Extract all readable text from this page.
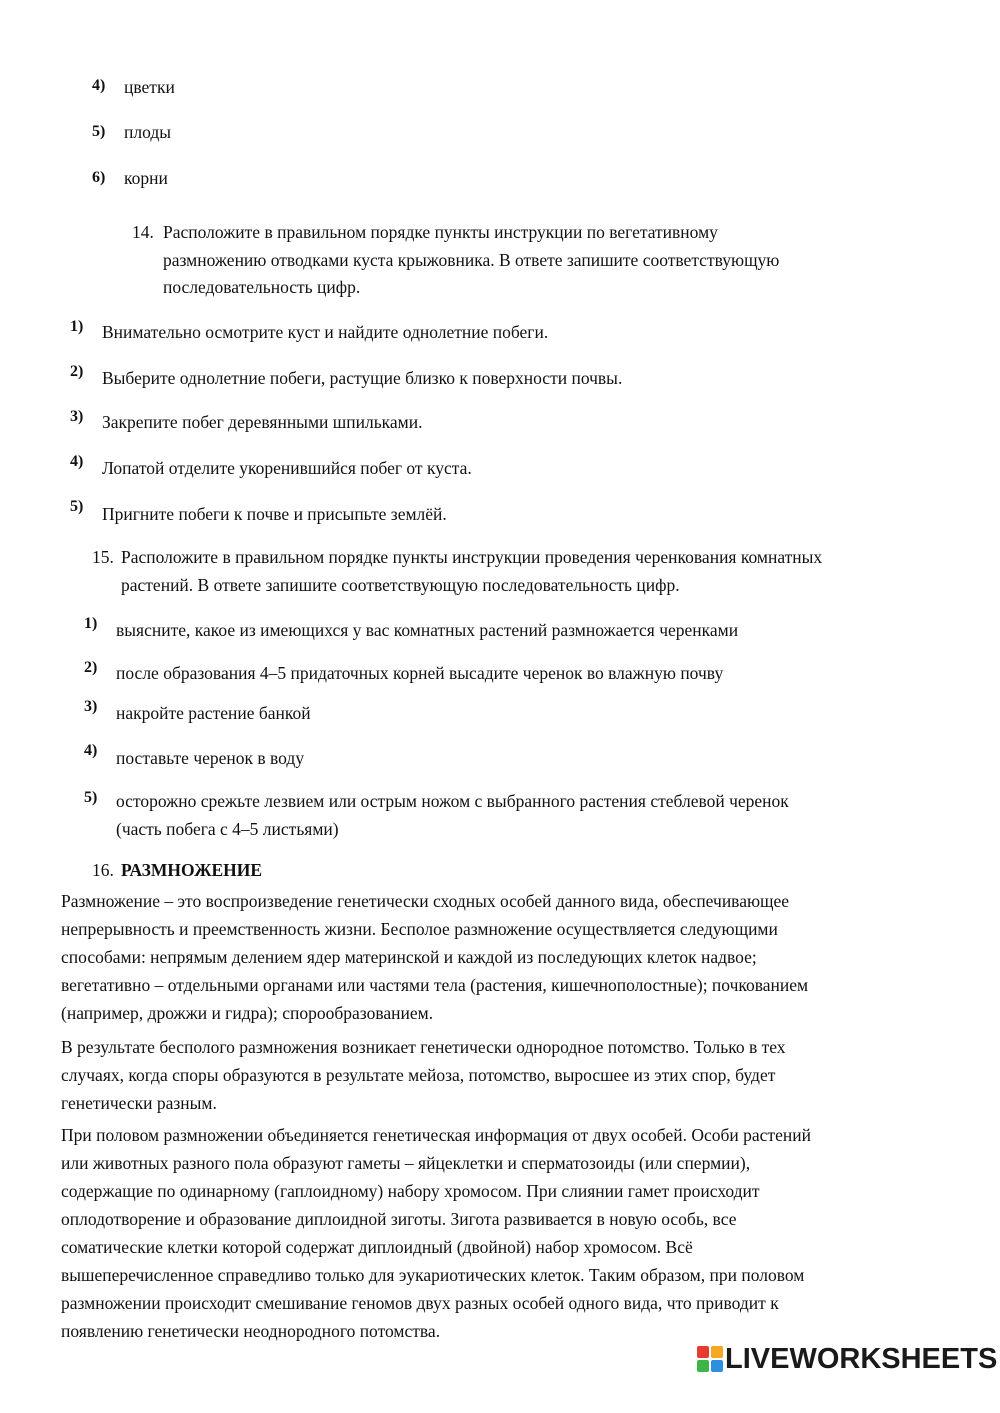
4) цветки
5) плоды
6) корни
14. Расположите в правильном порядке пункты инструкции по вегетативному
размножению отводками куста крыжовника. В ответе запишите соответствующую
последовательность цифр.
1) Внимательно осмотрите куст и найдите однолетние побеги.
2) Выберите однолетние побеги, растущие близко к поверхности почвы.
3) Закрепите побег деревянными шпильками.
4) Лопатой отделите укоренившийся побег от куста.
5) Пригните побеги к почве и присыпьте землёй.
15. Расположите в правильном порядке пункты инструкции проведения черенкования комнатных
растений. В ответе запишите соответствующую последовательность цифр.
1) выясните, какое из имеющихся у вас комнатных растений размножается черенками
2) после образования 4–5 придаточных корней высадите черенок во влажную почву
3) накройте растение банкой
4) поставьте черенок в воду
5) осторожно срежьте лезвием или острым ножом с выбранного растения стеблевой черенок
(часть побега с 4–5 листьями)
16. РАЗМНОЖЕНИЕ

Размножение – это воспроизведение генетически сходных особей данного вида, обеспечивающее

непрерывность и преемственность жизни. Бесполое размножение осуществляется следующими

способами: непрямым делением ядер материнской и каждой из последующих клеток надвое;

вегетативно – отдельными органами или частями тела (растения, кишечнополостные); почкованием

(например, дрожжи и гидра); спорообразованием.

В результате бесполого размножения возникает генетически однородное потомство. Только в тех

случаях, когда споры образуются в результате мейоза, потомство, выросшее из этих спор, будет

генетически разным.

При половом размножении объединяется генетическая информация от двух особей. Особи растений

или животных разного пола образуют гаметы – яйцеклетки и сперматозоиды (или спермии),

содержащие по одинарному (гаплоидному) набору хромосом. При слиянии гамет происходит

оплодотворение и образование диплоидной зиготы. Зигота развивается в новую особь, все

соматические клетки которой содержат диплоидный (двойной) набор хромосом. Всё

вышеперечисленное справедливо только для эукариотических клеток. Таким образом, при половом

размножении происходит смешивание геномов двух разных особей одного вида, что приводит к

появлению генетически неоднородного потомства.

LIVEWORKSHEETS
